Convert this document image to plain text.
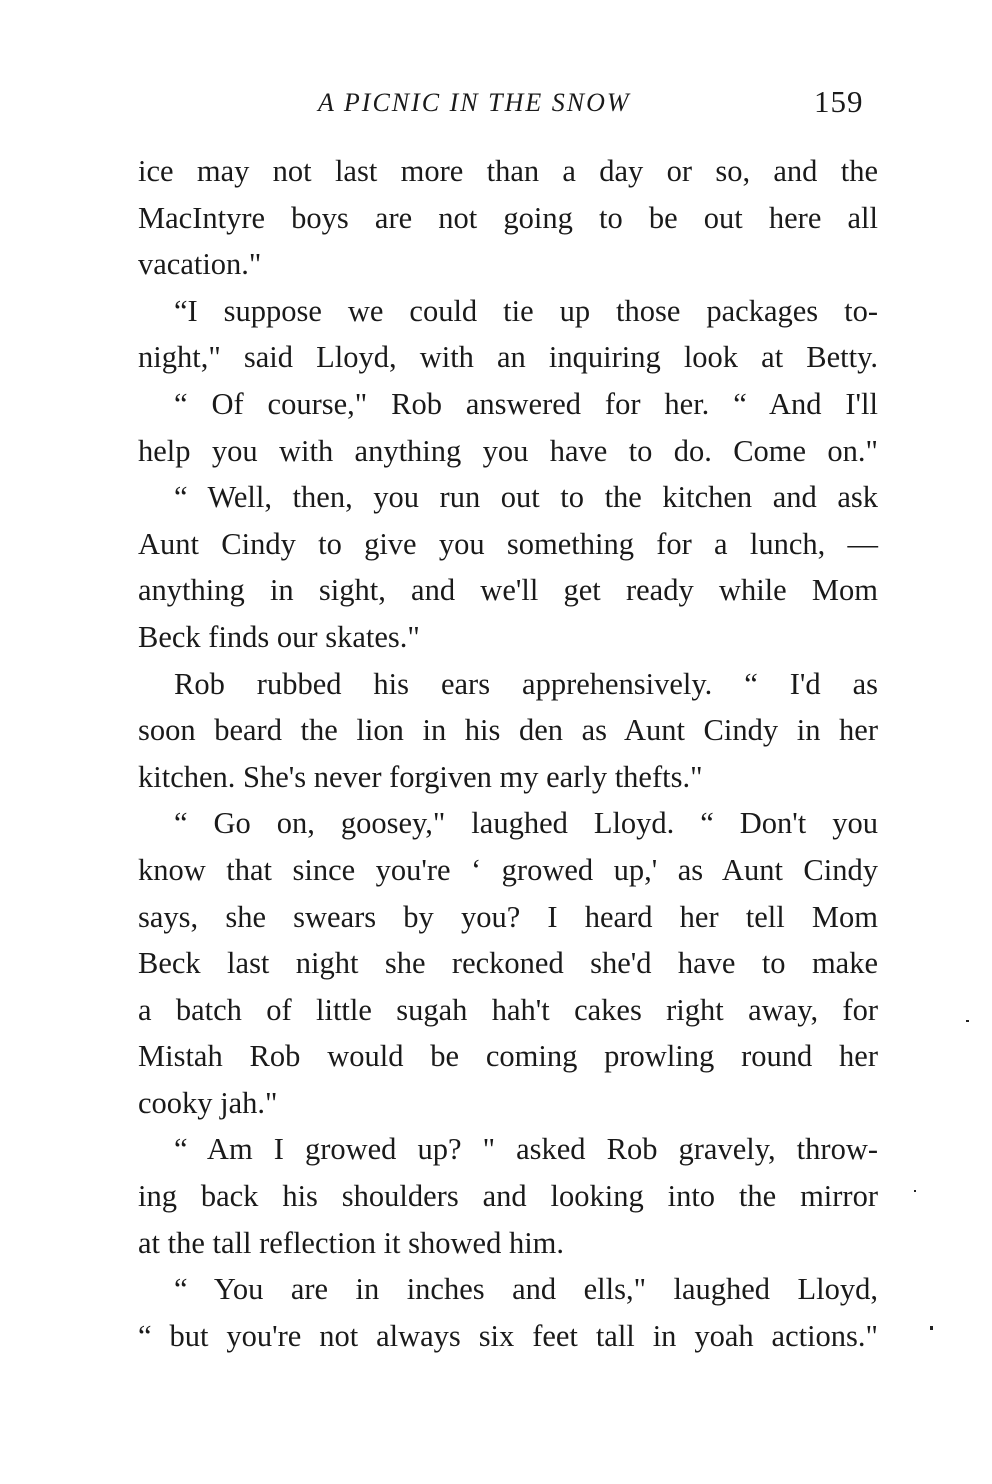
A PICNIC IN THE SNOW	159
ice may not last more than a day or so, and the
MacIntyre boys are not going to be out here all
vacation."
“I suppose we could tie up those packages to-
night," said Lloyd, with an inquiring look at Betty.
“ Of course," Rob answered for her. “ And I'll
help you with anything you have to do. Come on."
“ Well, then, you run out to the kitchen and ask
Aunt Cindy to give you something for a lunch, —
anything in sight, and we'll get ready while Mom
Beck finds our skates."
Rob rubbed his ears apprehensively. “ I'd as
soon beard the lion in his den as Aunt Cindy in her
kitchen. She's never forgiven my early thefts."
“ Go on, goosey," laughed Lloyd. “ Don't you
know that since you're ‘ growed up,' as Aunt Cindy
says, she swears by you? I heard her tell Mom
Beck last night she reckoned she'd have to make
a batch of little sugah hah't cakes right away, for
Mistah Rob would be coming prowling round her
cooky jah."
“ Am I growed up? " asked Rob gravely, throw-
ing back his shoulders and looking into the mirror
at the tall reflection it showed him.
“ You are in inches and ells," laughed Lloyd,
“ but you're not always six feet tall in yoah actions."
